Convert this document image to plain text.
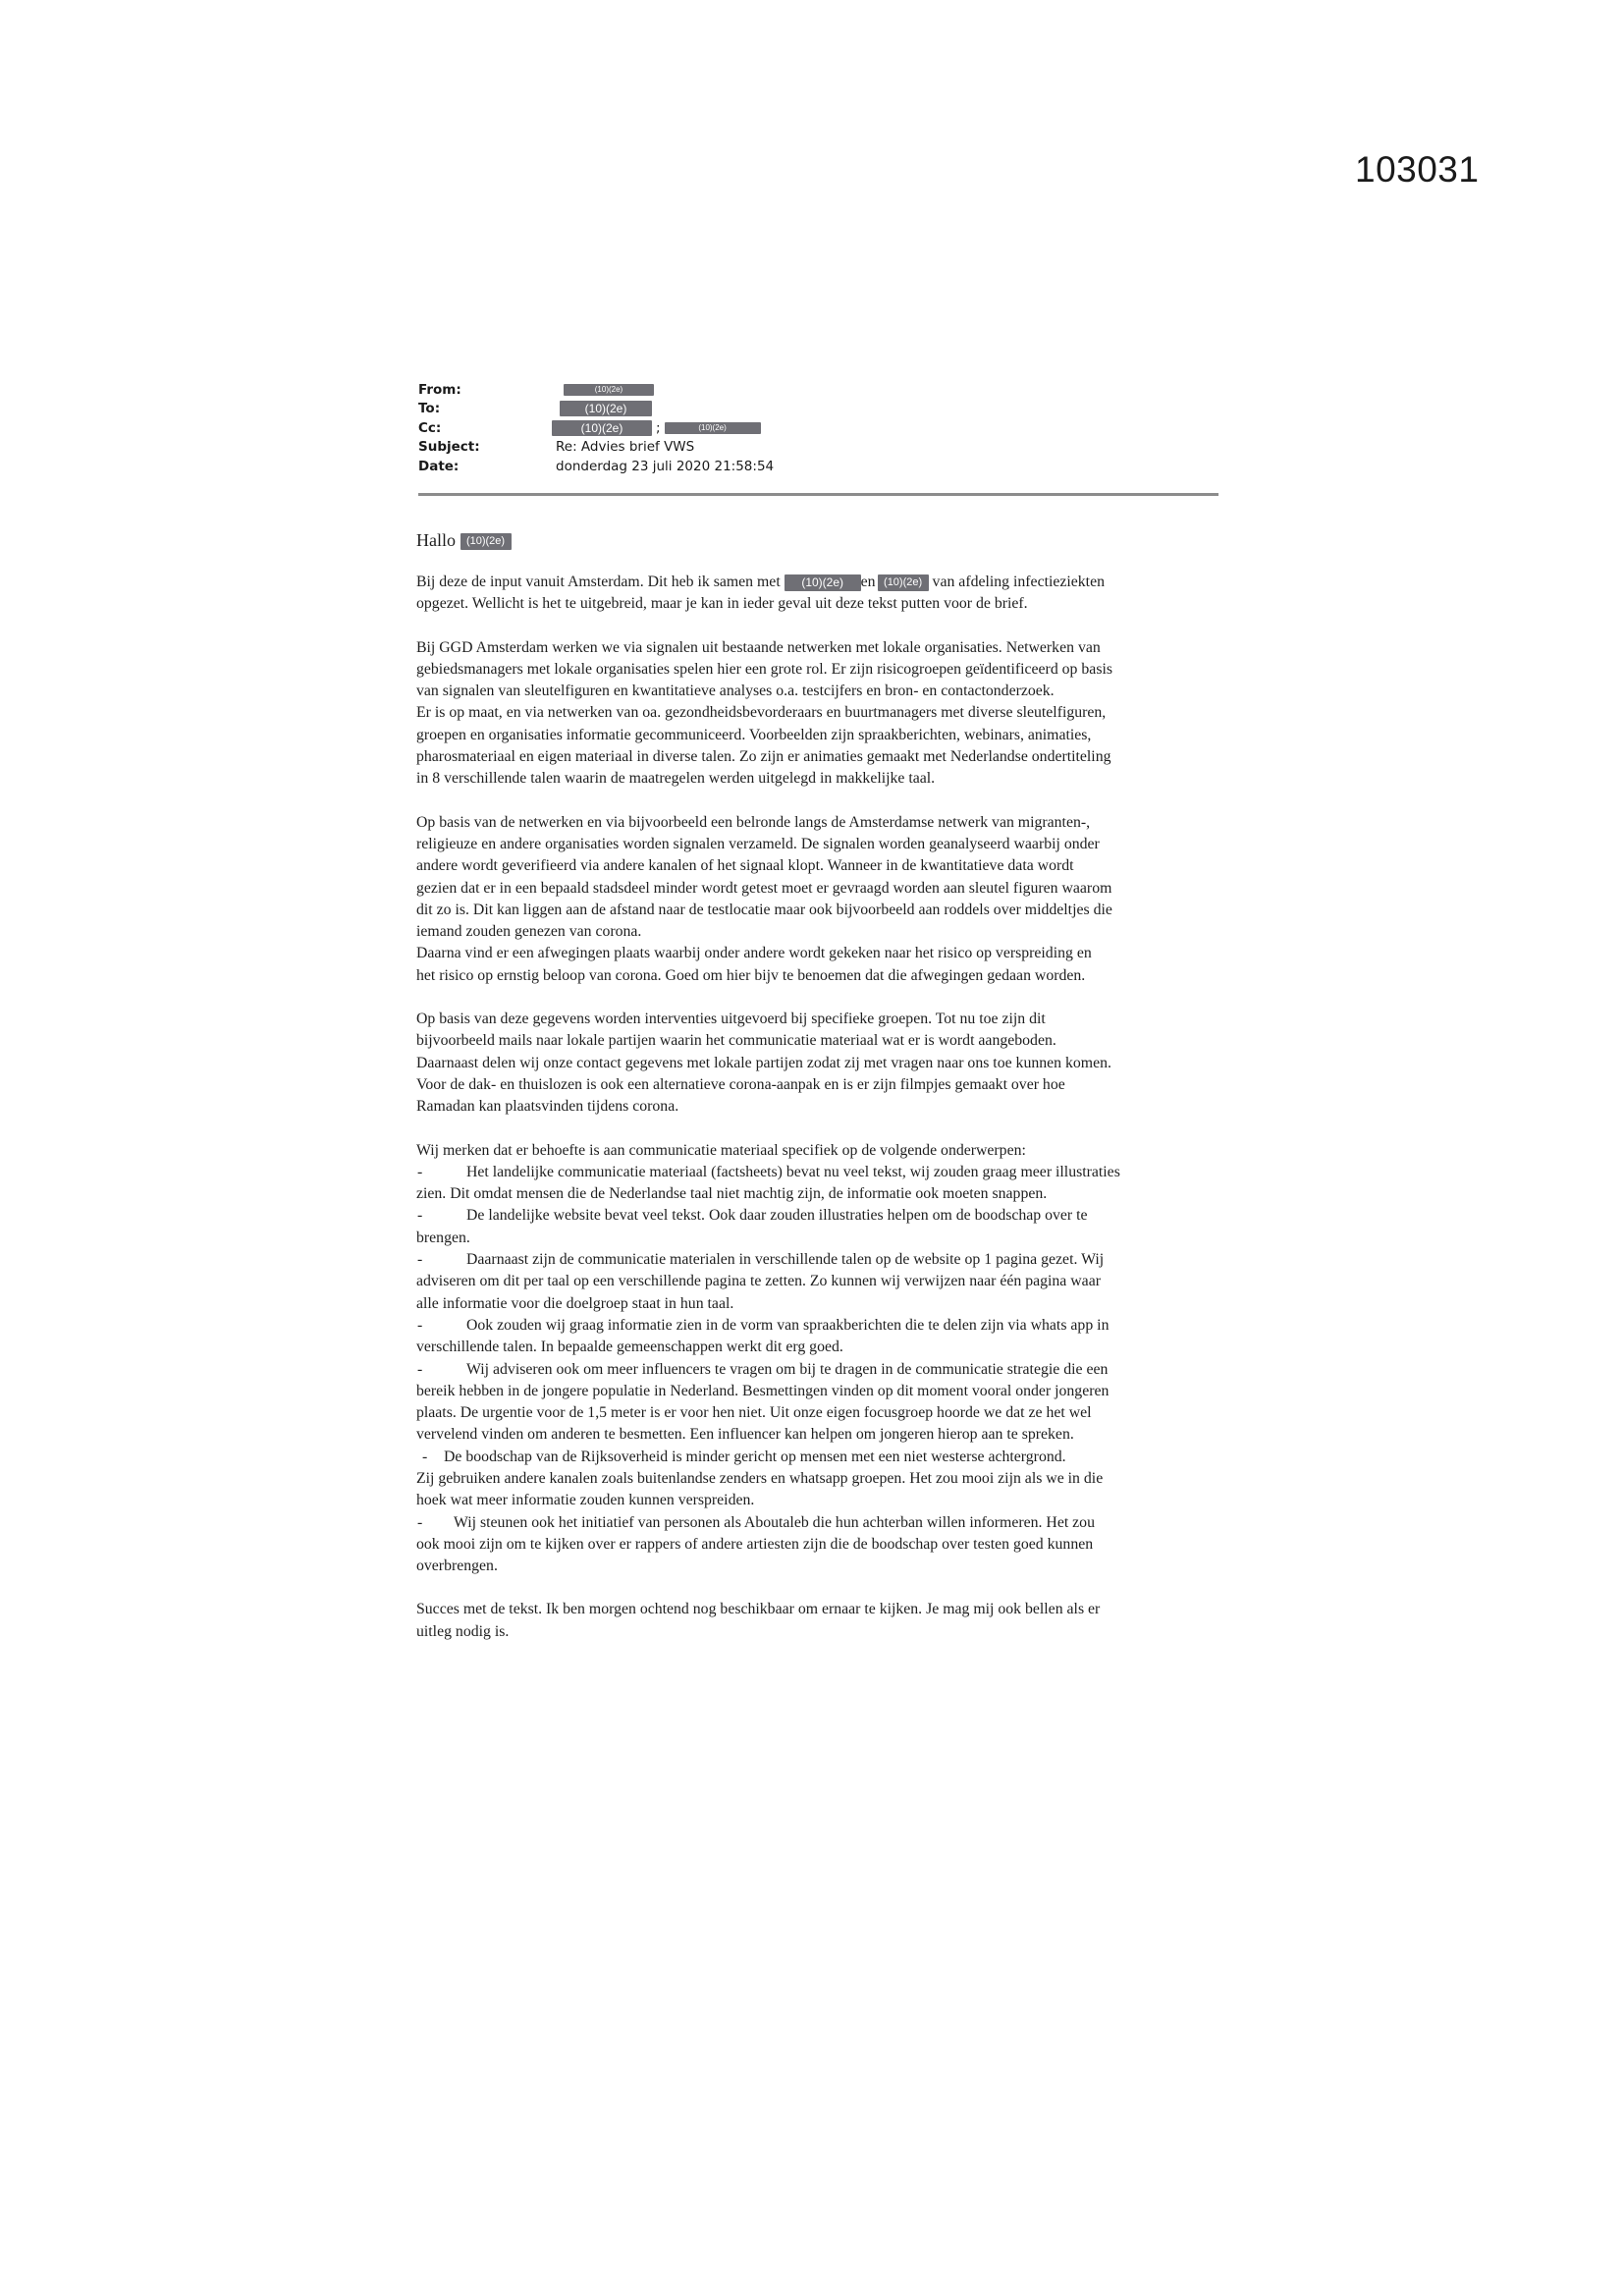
103031
From:	(10)(2e)
To:	(10)(2e)
Cc:	(10)(2e)	;	(10)(2e)
Subject:	Re: Advies brief VWS
Date:	donderdag 23 juli 2020 21:58:54
Hallo (10)(2e)

Bij deze de input vanuit Amsterdam. Dit heb ik samen met (10)(2e) en (10)(2e) van afdeling infectieziekten
opgezet. Wellicht is het te uitgebreid, maar je kan in ieder geval uit deze tekst putten voor de brief.

Bij GGD Amsterdam werken we via signalen uit bestaande netwerken met lokale organisaties. Netwerken van
gebiedsmanagers met lokale organisaties spelen hier een grote rol. Er zijn risicogroepen geïdentificeerd op basis
van signalen van sleutelfiguren en kwantitatieve analyses o.a. testcijfers en bron- en contactonderzoek.
Er is op maat, en via netwerken van oa. gezondheidsbevorderaars en buurtmanagers met diverse sleutelfiguren,
groepen en organisaties informatie gecommuniceerd. Voorbeelden zijn spraakberichten, webinars, animaties,
pharosmateriaal en eigen materiaal in diverse talen. Zo zijn er animaties gemaakt met Nederlandse ondertiteling
in 8 verschillende talen waarin de maatregelen werden uitgelegd in makkelijke taal.

Op basis van de netwerken en via bijvoorbeeld een belronde langs de Amsterdamse netwerk van migranten-,
religieuze en andere organisaties worden signalen verzameld. De signalen worden geanalyseerd waarbij onder
andere wordt geverifieerd via andere kanalen of het signaal klopt. Wanneer in de kwantitatieve data wordt
gezien dat er in een bepaald stadsdeel minder wordt getest moet er gevraagd worden aan sleutel figuren waarom
dit zo is. Dit kan liggen aan de afstand naar de testlocatie maar ook bijvoorbeeld aan roddels over middeltjes die
iemand zouden genezen van corona.
Daarna vind er een afwegingen plaats waarbij onder andere wordt gekeken naar het risico op verspreiding en
het risico op ernstig beloop van corona. Goed om hier bijv te benoemen dat die afwegingen gedaan worden.

Op basis van deze gegevens worden interventies uitgevoerd bij specifieke groepen. Tot nu toe zijn dit
bijvoorbeeld mails naar lokale partijen waarin het communicatie materiaal wat er is wordt aangeboden.
Daarnaast delen wij onze contact gegevens met lokale partijen zodat zij met vragen naar ons toe kunnen komen.
Voor de dak- en thuislozen is ook een alternatieve corona-aanpak en is er zijn filmpjes gemaakt over hoe
Ramadan kan plaatsvinden tijdens corona.

Wij merken dat er behoefte is aan communicatie materiaal specifiek op de volgende onderwerpen:
-	Het landelijke communicatie materiaal (factsheets) bevat nu veel tekst, wij zouden graag meer illustraties
zien. Dit omdat mensen die de Nederlandse taal niet machtig zijn, de informatie ook moeten snappen.
-	De landelijke website bevat veel tekst. Ook daar zouden illustraties helpen om de boodschap over te
brengen.
-	Daarnaast zijn de communicatie materialen in verschillende talen op de website op 1 pagina gezet. Wij
adviseren om dit per taal op een verschillende pagina te zetten. Zo kunnen wij verwijzen naar één pagina waar
alle informatie voor die doelgroep staat in hun taal.
-	Ook zouden wij graag informatie zien in de vorm van spraakberichten die te delen zijn via whats app in
verschillende talen. In bepaalde gemeenschappen werkt dit erg goed.
-	Wij adviseren ook om meer influencers te vragen om bij te dragen in de communicatie strategie die een
bereik hebben in de jongere populatie in Nederland. Besmettingen vinden op dit moment vooral onder jongeren
plaats. De urgentie voor de 1,5 meter is er voor hen niet. Uit onze eigen focusgroep hoorde we dat ze het wel
vervelend vinden om anderen te besmetten. Een influencer kan helpen om jongeren hierop aan te spreken.
- De boodschap van de Rijksoverheid is minder gericht op mensen met een niet westerse achtergrond.
Zij gebruiken andere kanalen zoals buitenlandse zenders en whatsapp groepen. Het zou mooi zijn als we in die
hoek wat meer informatie zouden kunnen verspreiden.
- Wij steunen ook het initiatief van personen als Aboutaleb die hun achterban willen informeren. Het zou
ook mooi zijn om te kijken over er rappers of andere artiesten zijn die de boodschap over testen goed kunnen
overbrengen.

Succes met de tekst. Ik ben morgen ochtend nog beschikbaar om ernaar te kijken. Je mag mij ook bellen als er
uitleg nodig is.
